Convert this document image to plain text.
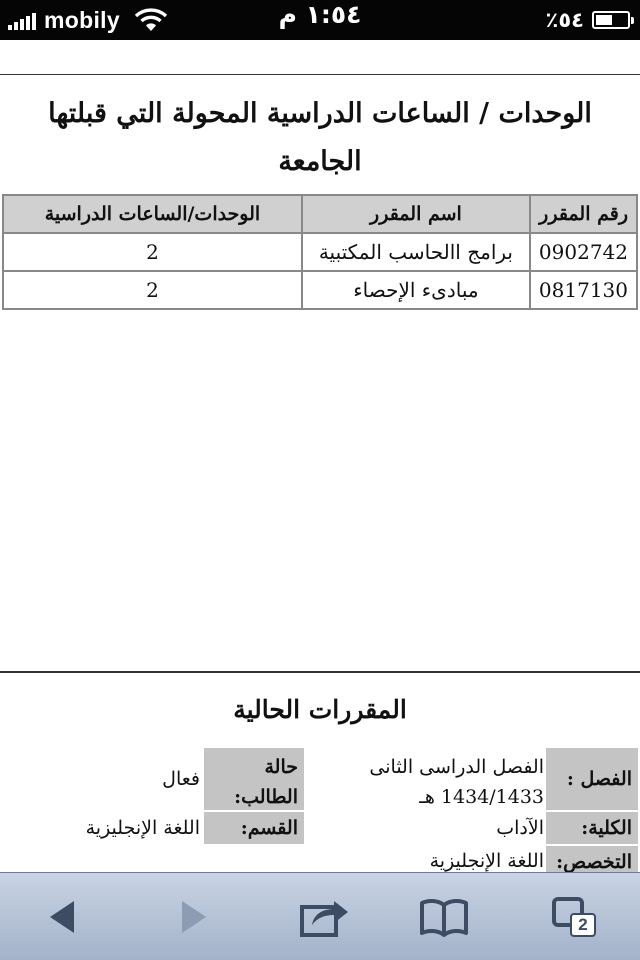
mobily	١:٥٤ م	٪٥٤
الوحدات / الساعات الدراسية المحولة التي قبلتها الجامعة
رقم المقرر	اسم المقرر	الوحدات/الساعات الدراسية
0902742	برامج االحاسب المكتبية	2
0817130	مبادىء الإحصاء	2
المقررات الحالية
الفصل :
الفصل الدراسى الثانى 1434/1433 هـ
حالة الطالب:
فعال
الكلية:
الآداب
القسم:
اللغة الإنجليزية
التخصص:
اللغة الإنجليزية
2
